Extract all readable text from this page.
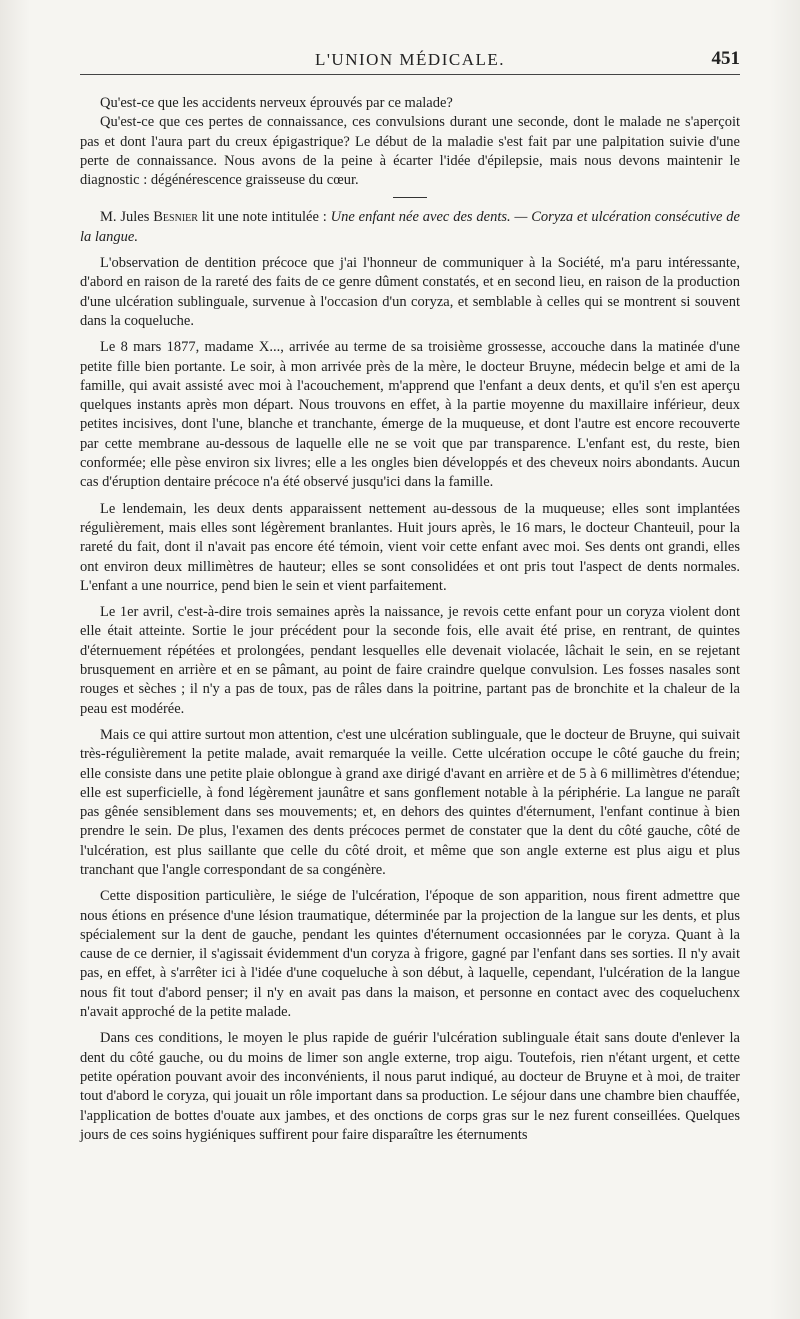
L'UNION MÉDICALE.	451

Qu'est-ce que les accidents nerveux éprouvés par ce malade?

Qu'est-ce que ces pertes de connaissance, ces convulsions durant une seconde, dont le malade ne s'aperçoit pas et dont l'aura part du creux épigastrique? Le début de la maladie s'est fait par une palpitation suivie d'une perte de connaissance. Nous avons de la peine à écarter l'idée d'épilepsie, mais nous devons maintenir le diagnostic : dégénérescence graisseuse du cœur.

M. Jules Besnier lit une note intitulée : Une enfant née avec des dents. — Coryza et ulcération consécutive de la langue.

L'observation de dentition précoce que j'ai l'honneur de communiquer à la Société, m'a paru intéressante, d'abord en raison de la rareté des faits de ce genre dûment constatés, et en second lieu, en raison de la production d'une ulcération sublinguale, survenue à l'occasion d'un coryza, et semblable à celles qui se montrent si souvent dans la coqueluche.

Le 8 mars 1877, madame X..., arrivée au terme de sa troisième grossesse, accouche dans la matinée d'une petite fille bien portante. Le soir, à mon arrivée près de la mère, le docteur Bruyne, médecin belge et ami de la famille, qui avait assisté avec moi à l'acouchement, m'apprend que l'enfant a deux dents, et qu'il s'en est aperçu quelques instants après mon départ. Nous trouvons en effet, à la partie moyenne du maxillaire inférieur, deux petites incisives, dont l'une, blanche et tranchante, émerge de la muqueuse, et dont l'autre est encore recouverte par cette membrane au-dessous de laquelle elle ne se voit que par transparence. L'enfant est, du reste, bien conformée; elle pèse environ six livres; elle a les ongles bien développés et des cheveux noirs abondants. Aucun cas d'éruption dentaire précoce n'a été observé jusqu'ici dans la famille.

Le lendemain, les deux dents apparaissent nettement au-dessous de la muqueuse; elles sont implantées régulièrement, mais elles sont légèrement branlantes. Huit jours après, le 16 mars, le docteur Chanteuil, pour la rareté du fait, dont il n'avait pas encore été témoin, vient voir cette enfant avec moi. Ses dents ont grandi, elles ont environ deux millimètres de hauteur; elles se sont consolidées et ont pris tout l'aspect de dents normales. L'enfant a une nourrice, pend bien le sein et vient parfaitement.

Le 1er avril, c'est-à-dire trois semaines après la naissance, je revois cette enfant pour un coryza violent dont elle était atteinte. Sortie le jour précédent pour la seconde fois, elle avait été prise, en rentrant, de quintes d'éternuement répétées et prolongées, pendant lesquelles elle devenait violacée, lâchait le sein, en se rejetant brusquement en arrière et en se pâmant, au point de faire craindre quelque convulsion. Les fosses nasales sont rouges et sèches ; il n'y a pas de toux, pas de râles dans la poitrine, partant pas de bronchite et la chaleur de la peau est modérée.

Mais ce qui attire surtout mon attention, c'est une ulcération sublinguale, que le docteur de Bruyne, qui suivait très-régulièrement la petite malade, avait remarquée la veille. Cette ulcération occupe le côté gauche du frein; elle consiste dans une petite plaie oblongue à grand axe dirigé d'avant en arrière et de 5 à 6 millimètres d'étendue; elle est superficielle, à fond légèrement jaunâtre et sans gonflement notable à la périphérie. La langue ne paraît pas gênée sensiblement dans ses mouvements; et, en dehors des quintes d'éternument, l'enfant continue à bien prendre le sein. De plus, l'examen des dents précoces permet de constater que la dent du côté gauche, côté de l'ulcération, est plus saillante que celle du côté droit, et même que son angle externe est plus aigu et plus tranchant que l'angle correspondant de sa congénère.

Cette disposition particulière, le siége de l'ulcération, l'époque de son apparition, nous firent admettre que nous étions en présence d'une lésion traumatique, déterminée par la projection de la langue sur les dents, et plus spécialement sur la dent de gauche, pendant les quintes d'éternument occasionnées par le coryza. Quant à la cause de ce dernier, il s'agissait évidemment d'un coryza à frigore, gagné par l'enfant dans ses sorties. Il n'y avait pas, en effet, à s'arrêter ici à l'idée d'une coqueluche à son début, à laquelle, cependant, l'ulcération de la langue nous fit tout d'abord penser; il n'y en avait pas dans la maison, et personne en contact avec des coqueluchenx n'avait approché de la petite malade.

Dans ces conditions, le moyen le plus rapide de guérir l'ulcération sublinguale était sans doute d'enlever la dent du côté gauche, ou du moins de limer son angle externe, trop aigu. Toutefois, rien n'étant urgent, et cette petite opération pouvant avoir des inconvénients, il nous parut indiqué, au docteur de Bruyne et à moi, de traiter tout d'abord le coryza, qui jouait un rôle important dans sa production. Le séjour dans une chambre bien chauffée, l'application de bottes d'ouate aux jambes, et des onctions de corps gras sur le nez furent conseillées. Quelques jours de ces soins hygiéniques suffirent pour faire disparaître les éternuments
